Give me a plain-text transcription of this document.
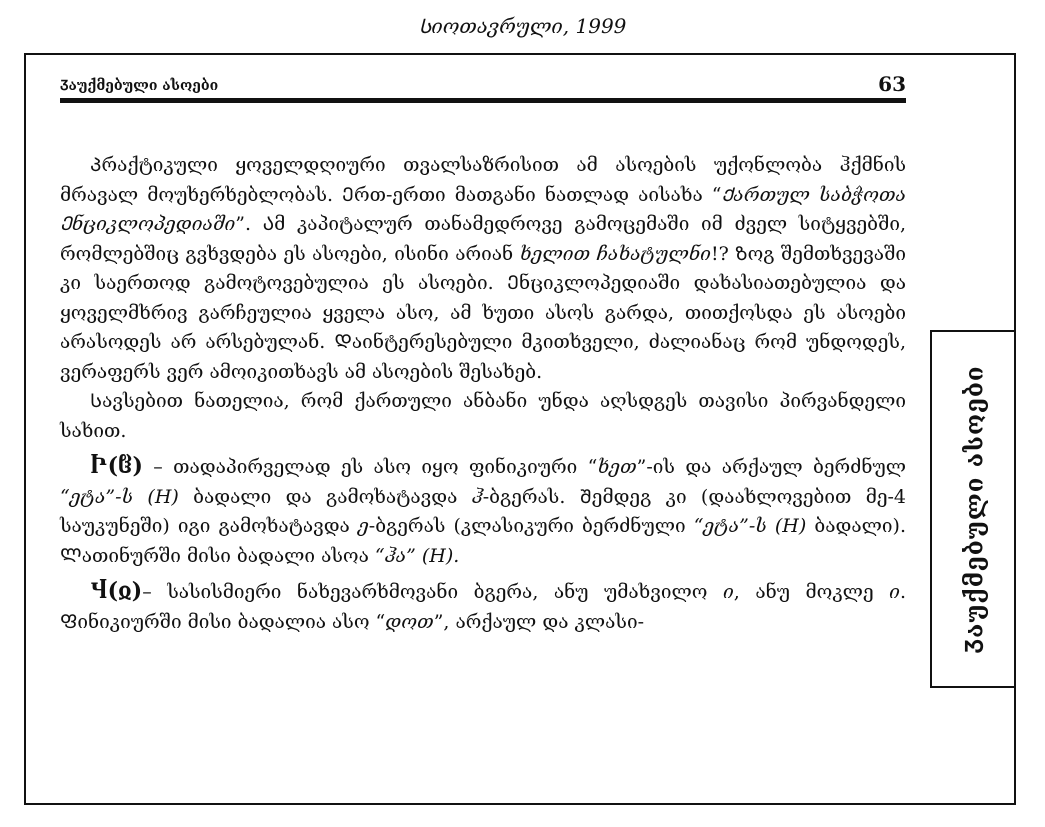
Სიოთავრული, 1999
Ჳაუქმებული ასოები	63

Პრაქტიკული ყოველდღიური თვალსაზრისით ამ ასოების უქონლობა ჰქმნის მრავალ მოუხერხებლობას. Ერთ-ერთი მათგანი ნათლად აისახა “Ქართულ საბჭოთა Ენციკლოპედიაში”. Ამ კაპიტალურ თანამედროვე გამოცემაში იმ ძველ სიტყვებში, რომლებშიც გვხვდება ეს ასოები, ისინი არიან ხელით ჩახატულნი!? Ზოგ შემთხვევაში კი საერთოდ გამოტოვებულია ეს ასოები. Ენციკლოპედიაში დახასიათებულია და ყოველმხრივ გარჩეულია ყველა ასო, ამ ხუთი ასოს გარდა, თითქოსდა ეს ასოები არასოდეს არ არსებულან. Დაინტერესებული მკითხველი, ძალიანაც რომ უნდოდეს, ვერაფერს ვერ ამოიკითხავს ამ ასოების შესახებ.

Სავსებით ნათელია, რომ ქართული ანბანი უნდა აღსდგეს თავისი პირვანდელი სახით.

Ⴡ(ჱ) – თადაპირველად ეს ასო იყო ფინიკიური “ხეთ”-ის და არქაულ ბერძნულ “ეტა”-ს (H) ბადალი და გამოხატავდა ჰ-ბგერას. Შემდეგ კი (დაახლოვებით მე-4 საუკუნეში) იგი გამოხატავდა ე-ბგერას (კლასიკური ბერძნული “ეტა”-ს (H) ბადალი). Ლათინურში მისი ბადალი ასოა “ჰა” (H).

Ⴣ(ჲ)– სასისმიერი ნახევარხმოვანი ბგერა, ანუ უმახვილო ი, ანუ მოკლე ი. Ფინიკიურში მისი ბადალია ასო “დოთ”, არქაულ და კლასი-	Ჳაუქმებული ასოები
